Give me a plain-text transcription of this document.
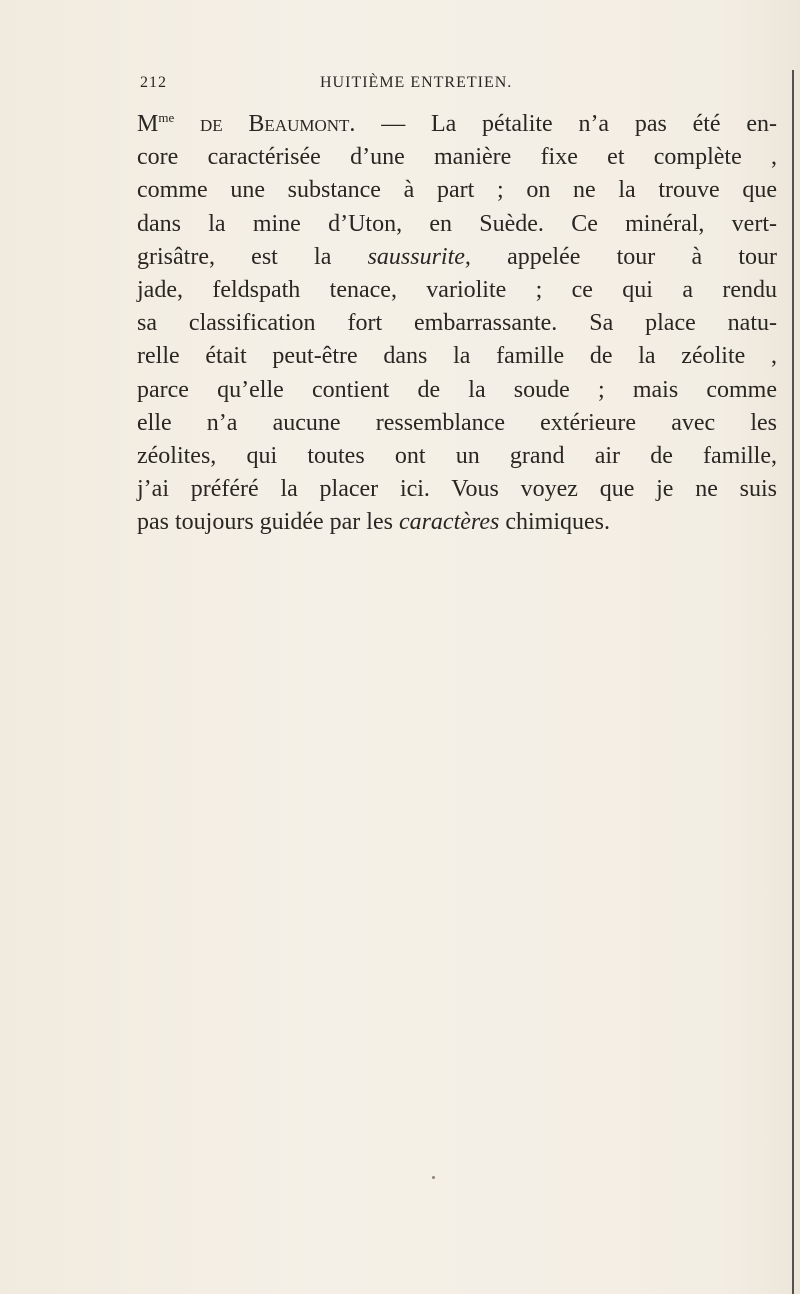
212	HUITIÈME ENTRETIEN.
$M^{me}$ de Beaumont. — La pétalite n’a pas été en-
core caractérisée d’une manière fixe et complète ,
comme une substance à part ; on ne la trouve que
dans la mine d’Uton, en Suède. Ce minéral, vert-
grisâtre, est la saussurite, appelée tour à tour
jade, feldspath tenace, variolite ; ce qui a rendu
sa classification fort embarrassante. Sa place natu-
relle était peut-être dans la famille de la zéolite ,
parce qu’elle contient de la soude ; mais comme
elle n’a aucune ressemblance extérieure avec les
zéolites, qui toutes ont un grand air de famille,
j’ai préféré la placer ici. Vous voyez que je ne suis
pas toujours guidée par les caractères chimiques.
